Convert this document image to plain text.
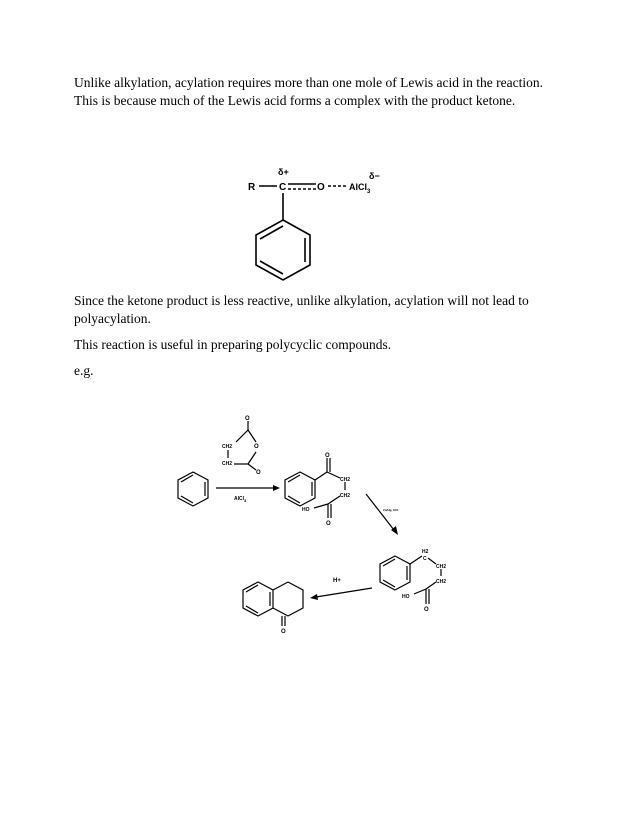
Unlike alkylation, acylation requires more than one mole of Lewis acid in the reaction. This is because much of the Lewis acid forms a complex with the product ketone.

R
δ+
C	O	AlCl$_3$
δ−

Since the ketone product is less reactive, unlike alkylation, acylation will not lead to polyacylation.

This reaction is useful in preparing polycyclic compounds.

e.g.

O
O
CH2
CH2
O
AlCl$_3$
O
CH2
CH2
O
HO	Zn/Hg, HCl
H2
C
CH2
CH2
O
HO
H+
O
